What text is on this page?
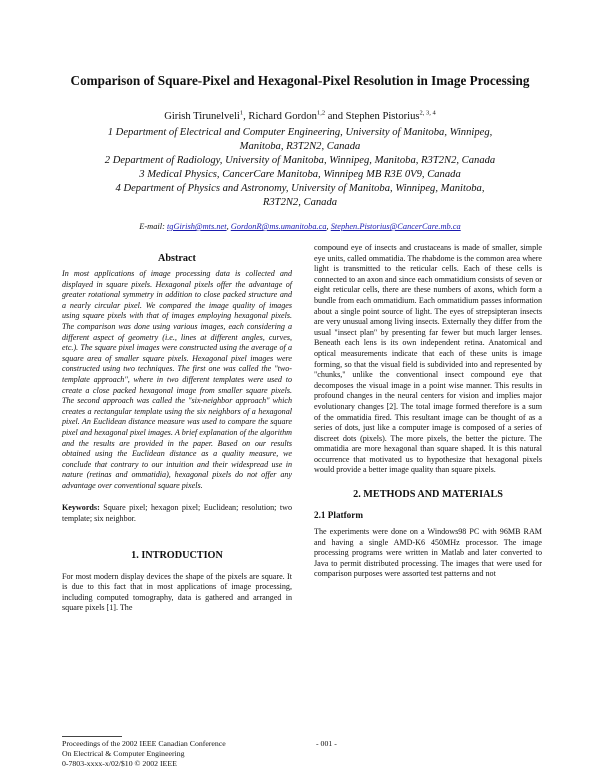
Comparison of Square-Pixel and Hexagonal-Pixel Resolution in Image Processing
Girish Tirunelveli$^1$, Richard Gordon$^{1,2}$ and Stephen Pistorius$^{2, 3, 4}$

1 Department of Electrical and Computer Engineering, University of Manitoba, Winnipeg, Manitoba, R3T2N2, Canada

2 Department of Radiology, University of Manitoba, Winnipeg, Manitoba, R3T2N2, Canada

3 Medical Physics, CancerCare Manitoba, Winnipeg MB R3E 0V9, Canada

4 Department of Physics and Astronomy, University of Manitoba, Winnipeg, Manitoba, R3T2N2, Canada

E-mail: tgGirish@mts.net, GordonR@ms.umanitoba.ca, Stephen.Pistorius@CancerCare.mb.ca
Abstract

In most applications of image processing data is collected and displayed in square pixels. Hexagonal pixels offer the advantage of greater rotational symmetry in addition to close packed structure and a nearly circular pixel. We compared the image quality of images using square pixels with that of images employing hexagonal pixels. The comparison was done using various images, each considering a different aspect of geometry (i.e., lines at different angles, curves, etc.). The square pixel images were constructed using the average of a square area of smaller square pixels. Hexagonal pixel images were constructed using two techniques. The first one was called the "two-template approach", where in two different templates were used to create a close packed hexagonal image from smaller square pixels. The second approach was called the "six-neighbor approach" which creates a rectangular template using the six neighbors of a hexagonal pixel. An Euclidean distance measure was used to compare the square pixel and hexagonal pixel images. A brief explanation of the algorithm and the results are provided in the paper. Based on our results obtained using the Euclidean distance as a quality measure, we conclude that contrary to our intuition and their widespread use in nature (retinas and ommatidia), hexagonal pixels do not offer any advantage over conventional square pixels.

Keywords: Square pixel; hexagon pixel; Euclidean; resolution; two template; six neighbor.

1. INTRODUCTION

For most modern display devices the shape of the pixels are square. It is due to this fact that in most applications of image processing, including computed tomography, data is gathered and arranged in square pixels [1]. The

compound eye of insects and crustaceans is made of smaller, simple eye units, called ommatidia. The rhabdome is the common area where light is transmitted to the reticular cells. Each of these cells is connected to an axon and since each ommatidium consists of seven or eight reticular cells, there are these numbers of axons, which form a bundle from each ommatidium. Each ommatidium passes information about a single point source of light. The eyes of strepsipteran insects are very unusual among living insects. Externally they differ from the usual "insect plan" by presenting far fewer but much larger lenses. Beneath each lens is its own independent retina. Anatomical and optical measurements indicate that each of these units is image forming, so that the visual field is subdivided into and represented by "chunks," unlike the conventional insect compound eye that decomposes the visual image in a point wise manner. This results in profound changes in the neural centers for vision and implies major evolutionary changes [2]. The total image formed therefore is a sum of the ommatidia fired. This resultant image can be thought of as a series of dots, just like a computer image is composed of a series of discreet dots (pixels). The more pixels, the better the picture. The ommatidia are more hexagonal than square shaped. It is this natural occurrence that motivated us to hypothesize that hexagonal pixels would provide a better image quality than square pixels.

2. METHODS AND MATERIALS
2.1 Platform

The experiments were done on a Windows98 PC with 96MB RAM and having a single AMD-K6 450MHz processor. The image processing programs were written in Matlab and later converted to Java to permit distributed processing. The images that were used for comparison purposes were assorted test patterns and not

Proceedings of the 2002 IEEE Canadian Conference
On Electrical & Computer Engineering
0-7803-xxxx-x/02/$10 © 2002 IEEE
- 001 -
